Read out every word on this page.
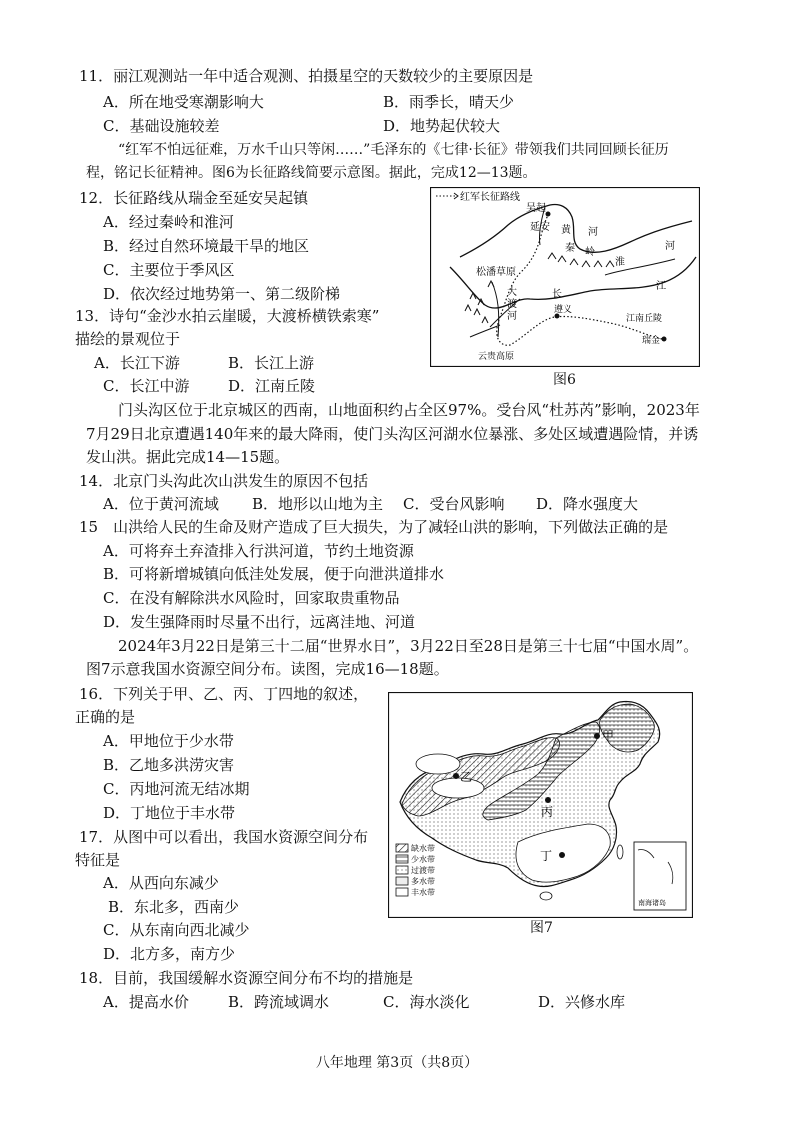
11．丽江观测站一年中适合观测、拍摄星空的天数较少的主要原因是
A．所在地受寒潮影响大	B．雨季长，晴天少
C．基础设施较差	D．地势起伏较大
“红军不怕远征难，万水千山只等闲……”毛泽东的《七律·长征》带领我们共同回顾长征历
程，铭记长征精神。图6为长征路线简要示意图。据此，完成12—13题。
12．长征路线从瑞金至延安吴起镇
A．经过秦岭和淮河
B．经过自然环境最干旱的地区
C．主要位于季风区
D．依次经过地势第一、第二级阶梯
13．诗句“金沙水拍云崖暖，大渡桥横铁索寒”
描绘的景观位于
A．长江下游	B．长江上游
C．长江中游	D．江南丘陵
红军长征路线
吴起
延安 黄 河
秦 岭
淮
河
松潘草原
大
渡
河
长
江
遵义
江南丘陵
瑞金
云贵高原
图6
门头沟区位于北京城区的西南，山地面积约占全区97%。受台风“杜苏芮”影响，2023年
7月29日北京遭遇140年来的最大降雨，使门头沟区河湖水位暴涨、多处区域遭遇险情，并诱
发山洪。据此完成14—15题。
14．北京门头沟此次山洪发生的原因不包括
A．位于黄河流域 B．地形以山地为主 C．受台风影响 D．降水强度大
15　山洪给人民的生命及财产造成了巨大损失，为了减轻山洪的影响，下列做法正确的是
A．可将弃土弃渣排入行洪河道，节约土地资源
B．可将新增城镇向低洼处发展，便于向泄洪道排水
C．在没有解除洪水风险时，回家取贵重物品
D．发生强降雨时尽量不出行，远离洼地、河道
2024年3月22日是第三十二届“世界水日”，3月22日至28日是第三十七届“中国水周”。
图7示意我国水资源空间分布。读图，完成16—18题。
16．下列关于甲、乙、丙、丁四地的叙述，
正确的是
A．甲地位于少水带
B．乙地多洪涝灾害
C．丙地河流无结冰期
D．丁地位于丰水带
17．从图中可以看出，我国水资源空间分布
特征是
A．从西向东减少
B．东北多，西南少
C．从东南向西北减少
D．北方多，南方少
甲
乙
丙
丁
缺水带
少水带
过渡带
多水带
丰水带
南海诸岛
图7
18．目前，我国缓解水资源空间分布不均的措施是
A．提高水价	B．跨流域调水	C．海水淡化	D．兴修水库
八年地理 第3页（共8页）
